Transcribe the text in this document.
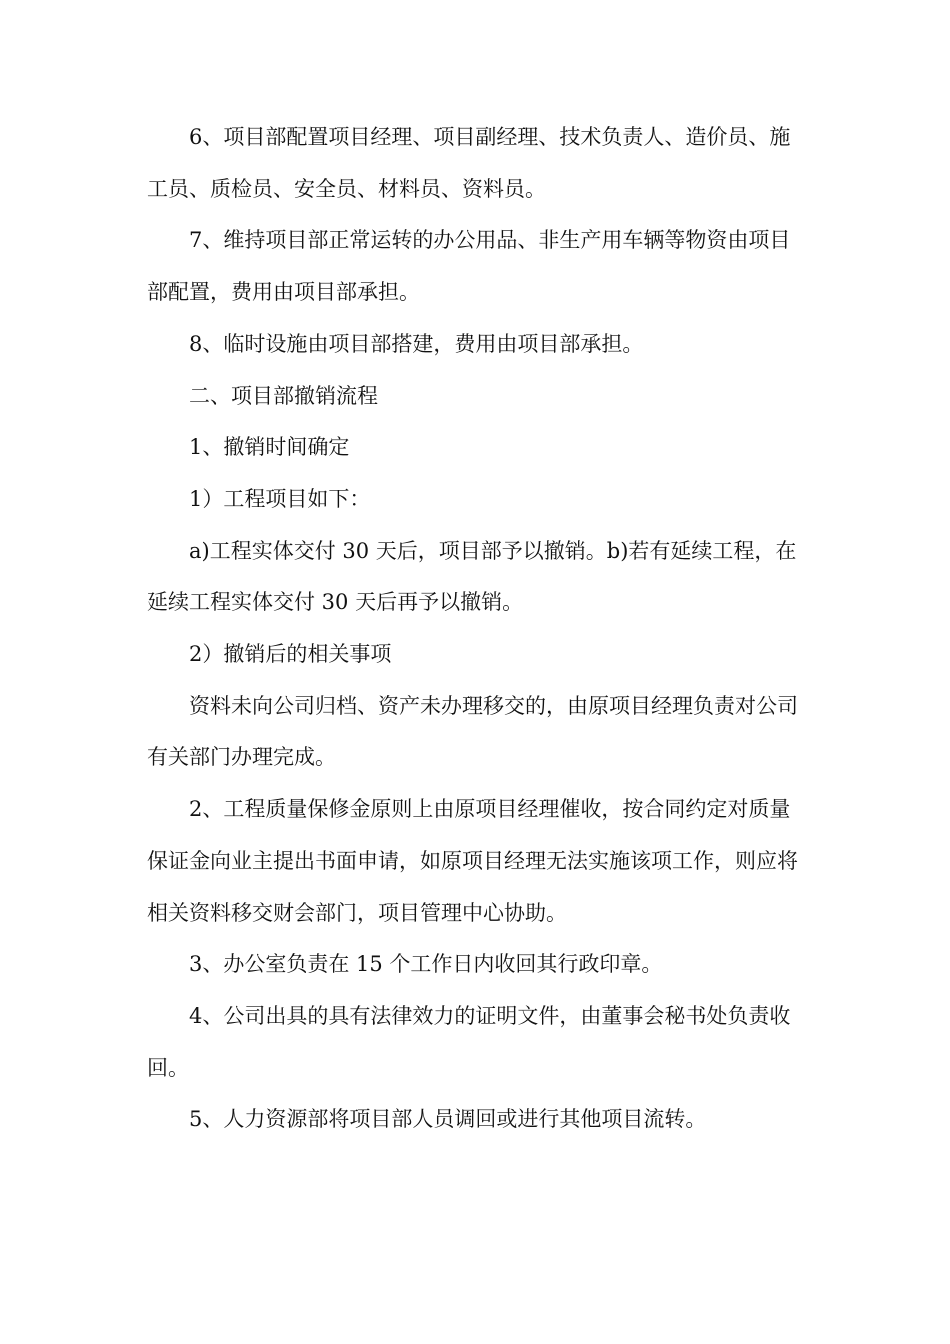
6、项目部配置项目经理、项目副经理、技术负责人、造价员、施工员、质检员、安全员、材料员、资料员。

7、维持项目部正常运转的办公用品、非生产用车辆等物资由项目部配置，费用由项目部承担。

8、临时设施由项目部搭建，费用由项目部承担。

二、项目部撤销流程

1、撤销时间确定

1）工程项目如下：

a)工程实体交付 30 天后，项目部予以撤销。b)若有延续工程，在延续工程实体交付 30 天后再予以撤销。

2）撤销后的相关事项

资料未向公司归档、资产未办理移交的，由原项目经理负责对公司有关部门办理完成。

2、工程质量保修金原则上由原项目经理催收，按合同约定对质量保证金向业主提出书面申请，如原项目经理无法实施该项工作，则应将相关资料移交财会部门，项目管理中心协助。

3、办公室负责在 15 个工作日内收回其行政印章。

4、公司出具的具有法律效力的证明文件，由董事会秘书处负责收回。

5、人力资源部将项目部人员调回或进行其他项目流转。
